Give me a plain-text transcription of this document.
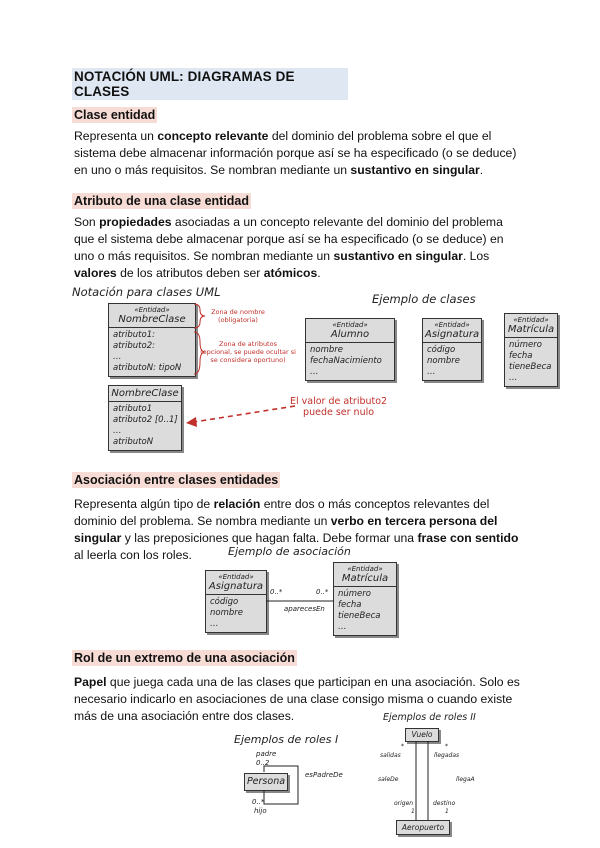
NOTACIÓN UML: DIAGRAMAS DE CLASES
Clase entidad
Representa un concepto relevante del dominio del problema sobre el que el sistema debe almacenar información porque así se ha especificado (o se deduce) en uno o más requisitos. Se nombran mediante un sustantivo en singular.
Atributo de una clase entidad
Son propiedades asociadas a un concepto relevante del dominio del problema que el sistema debe almacenar porque así se ha especificado (o se deduce) en uno o más requisitos. Se nombran mediante un sustantivo en singular. Los valores de los atributos deben ser atómicos.
Notación para clases UML	Ejemplo de clases
«Entidad»
NombreClase
atributo1:
atributo2:
…
atributoN: tipoN
Zona de nombre
(obligatoria)
Zona de atributos
(opcional, se puede ocultar si
se considera oportuno)
NombreClase
atributo1
atributo2 [0..1]
…
atributoN
El valor de atributo2
puede ser nulo
«Entidad»
Alumno
nombre
fechaNacimiento
…
«Entidad»
Asignatura
código
nombre
…
«Entidad»
Matrícula
número
fecha
tieneBeca
…
Asociación entre clases entidades
Representa algún tipo de relación entre dos o más conceptos relevantes del dominio del problema. Se nombra mediante un verbo en tercera persona del singular y las preposiciones que hagan falta. Debe formar una frase con sentido al leerla con los roles.	Ejemplo de asociación
«Entidad»
Asignatura
código
nombre
…
«Entidad»
Matrícula
número
fecha
tieneBeca
…
0..*	0..*
aparecesEn
Rol de un extremo de una asociación
Papel que juega cada una de las clases que participan en una asociación. Solo es necesario indicarlo en asociaciones de una clase consigo misma o cuando existe más de una asociación entre dos clases.
Ejemplos de roles I
padre
0..2
Persona
esPadreDe
0..*
hijo
Ejemplos de roles II
Vuelo
Aeropuerto
*	*
salidas	llegadas
saleDe	llegaA
origen	destino
1	1
